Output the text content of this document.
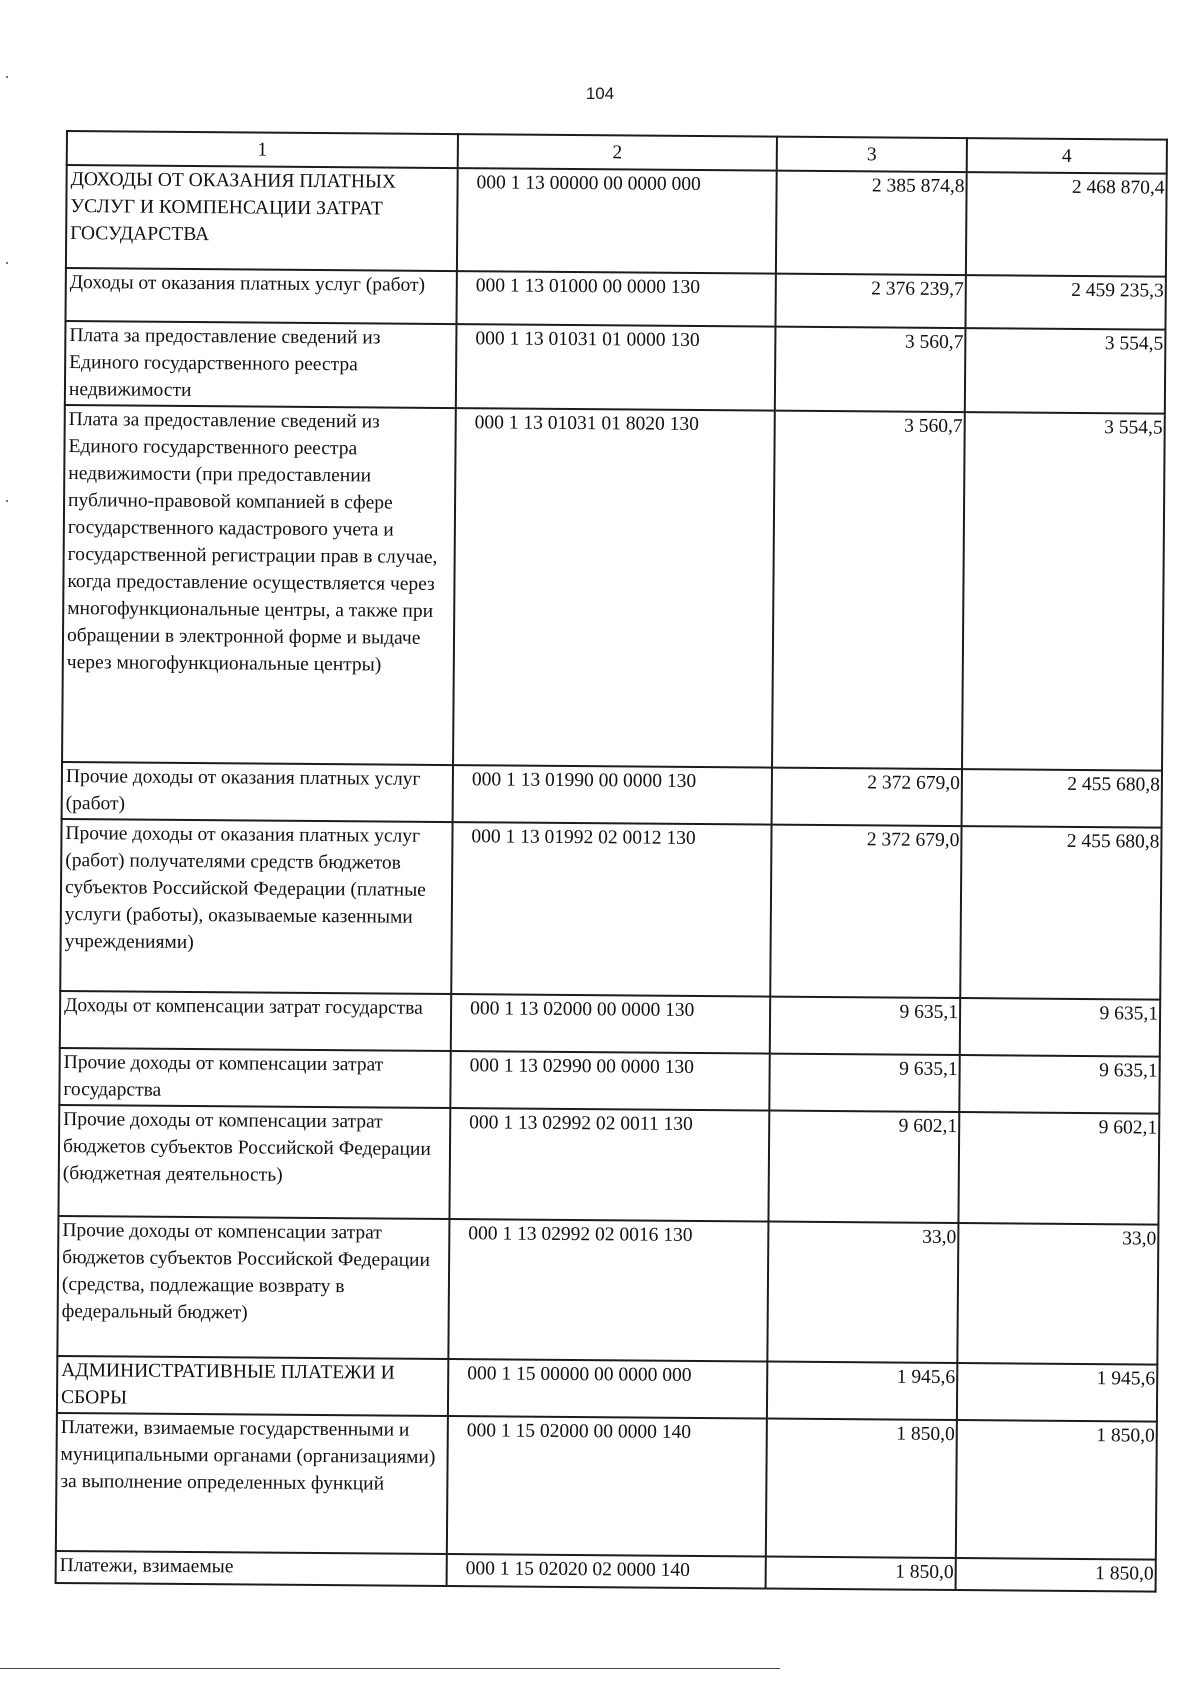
104
1	2	3	4
ДОХОДЫ ОТ ОКАЗАНИЯ ПЛАТНЫХ УСЛУГ И КОМПЕНСАЦИИ ЗАТРАТ ГОСУДАРСТВА	000 1 13 00000 00 0000 000	2 385 874,8	2 468 870,4
Доходы от оказания платных услуг (работ)	000 1 13 01000 00 0000 130	2 376 239,7	2 459 235,3
Плата за предоставление сведений из Единого государственного реестра недвижимости	000 1 13 01031 01 0000 130	3 560,7	3 554,5
Плата за предоставление сведений из Единого государственного реестра недвижимости (при предоставлении публично-правовой компанией в сфере государственного кадастрового учета и государственной регистрации прав в случае, когда предоставление осуществляется через многофункциональные центры, а также при обращении в электронной форме и выдаче через многофункциональные центры)	000 1 13 01031 01 8020 130	3 560,7	3 554,5
Прочие доходы от оказания платных услуг (работ)	000 1 13 01990 00 0000 130	2 372 679,0	2 455 680,8
Прочие доходы от оказания платных услуг (работ) получателями средств бюджетов субъектов Российской Федерации (платные услуги (работы), оказываемые казенными учреждениями)	000 1 13 01992 02 0012 130	2 372 679,0	2 455 680,8
Доходы от компенсации затрат государства	000 1 13 02000 00 0000 130	9 635,1	9 635,1
Прочие доходы от компенсации затрат государства	000 1 13 02990 00 0000 130	9 635,1	9 635,1
Прочие доходы от компенсации затрат бюджетов субъектов Российской Федерации (бюджетная деятельность)	000 1 13 02992 02 0011 130	9 602,1	9 602,1
Прочие доходы от компенсации затрат бюджетов субъектов Российской Федерации (средства, подлежащие возврату в федеральный бюджет)	000 1 13 02992 02 0016 130	33,0	33,0
АДМИНИСТРАТИВНЫЕ ПЛАТЕЖИ И СБОРЫ	000 1 15 00000 00 0000 000	1 945,6	1 945,6
Платежи, взимаемые государственными и муниципальными органами (организациями) за выполнение определенных функций	000 1 15 02000 00 0000 140	1 850,0	1 850,0
Платежи, взимаемые	000 1 15 02020 02 0000 140	1 850,0	1 850,0
